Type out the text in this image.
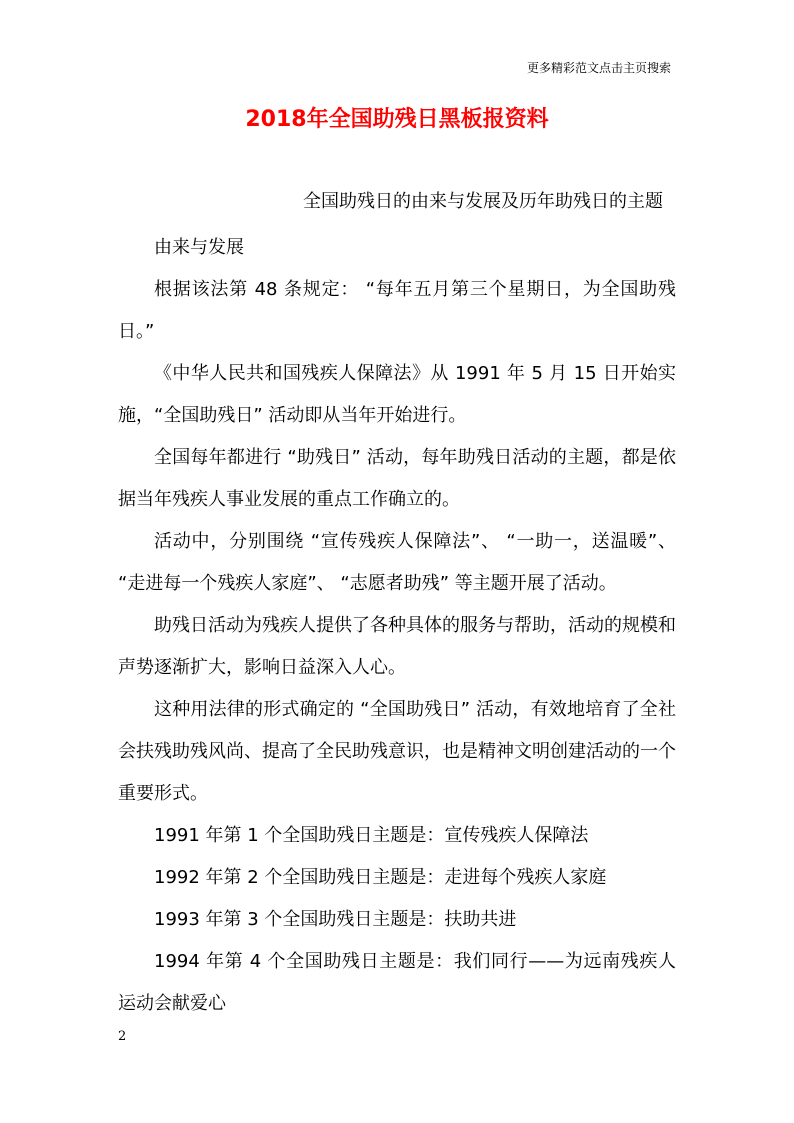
更多精彩范文点击主页搜索
2018年全国助残日黑板报资料
全国助残日的由来与发展及历年助残日的主题

由来与发展

根据该法第 48 条规定： “每年五月第三个星期日，为全国助残日。”

《中华人民共和国残疾人保障法》从 1991 年 5 月 15 日开始实施，“全国助残日” 活动即从当年开始进行。

全国每年都进行 “助残日” 活动，每年助残日活动的主题，都是依据当年残疾人事业发展的重点工作确立的。

活动中，分别围绕 “宣传残疾人保障法”、 “一助一，送温暖”、 “走进每一个残疾人家庭”、 “志愿者助残” 等主题开展了活动。

助残日活动为残疾人提供了各种具体的服务与帮助，活动的规模和声势逐渐扩大，影响日益深入人心。

这种用法律的形式确定的 “全国助残日” 活动，有效地培育了全社会扶残助残风尚、提高了全民助残意识，也是精神文明创建活动的一个重要形式。

1991 年第 1 个全国助残日主题是：宣传残疾人保障法

1992 年第 2 个全国助残日主题是：走进每个残疾人家庭

1993 年第 3 个全国助残日主题是：扶助共进

1994 年第 4 个全国助残日主题是：我们同行——为远南残疾人运动会献爱心

2
